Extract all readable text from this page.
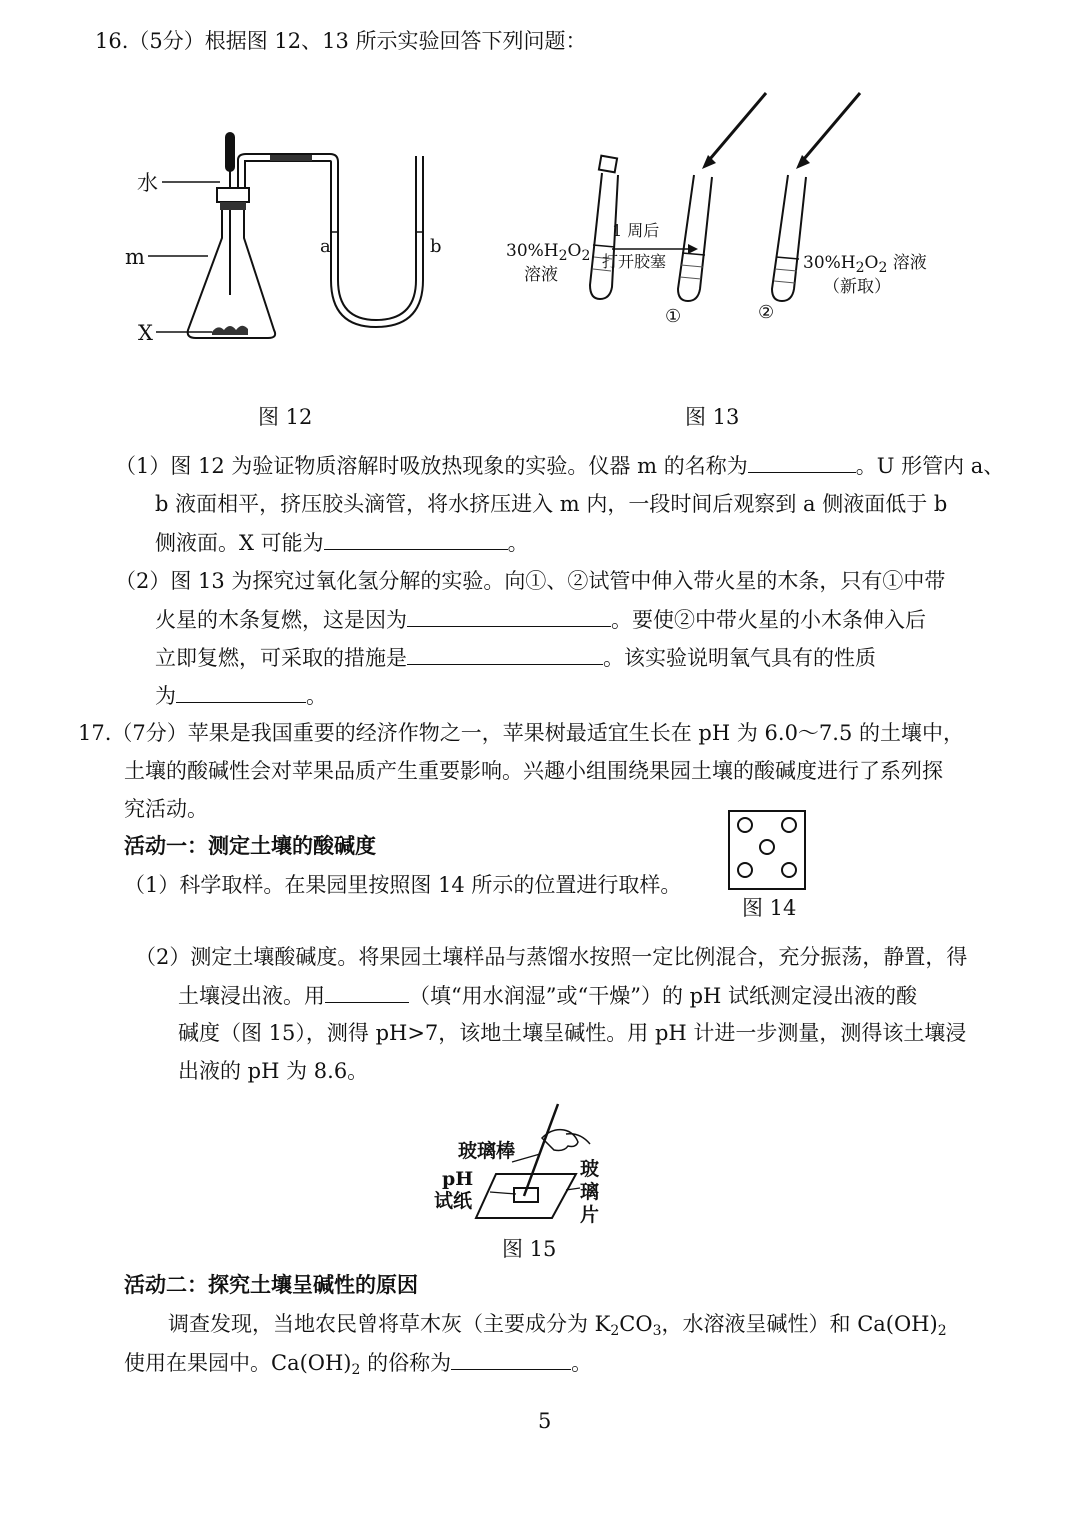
16.（5分）根据图 12、13 所示实验回答下列问题：
水
m
X
a	b
图 12
$30\%H_2O_2$
溶液
1 周后
打开胶塞	$30\%H_2O_2$ 溶液
（新取）
①	②
图 13
（1）图 12 为验证物质溶解时吸放热现象的实验。仪器 m 的名称为	。U 形管内 a、
b 液面相平，挤压胶头滴管，将水挤压进入 m 内，一段时间后观察到 a 侧液面低于 b
侧液面。X 可能为	。
（2）图 13 为探究过氧化氢分解的实验。向①、②试管中伸入带火星的木条，只有①中带
火星的木条复燃，这是因为	。要使②中带火星的小木条伸入后
立即复燃，可采取的措施是	。该实验说明氧气具有的性质
为	。
17.（7分）苹果是我国重要的经济作物之一，苹果树最适宜生长在 pH 为 6.0～7.5 的土壤中，
土壤的酸碱性会对苹果品质产生重要影响。兴趣小组围绕果园土壤的酸碱度进行了系列探
究活动。
活动一：测定土壤的酸碱度
（1）科学取样。在果园里按照图 14 所示的位置进行取样。
图 14
（2）测定土壤酸碱度。将果园土壤样品与蒸馏水按照一定比例混合，充分振荡，静置，得
土壤浸出液。用	（填“用水润湿”或“干燥”）的 pH 试纸测定浸出液的酸
碱度（图 15），测得 pH>7，该地土壤呈碱性。用 pH 计进一步测量，测得该土壤浸
出液的 pH 为 8.6。
玻璃棒
pH
试纸
玻
璃
片
图 15
活动二：探究土壤呈碱性的原因
调查发现，当地农民曾将草木灰（主要成分为 $K_2CO_3$，水溶液呈碱性）和 $Ca(OH)_2$
使用在果园中。$Ca(OH)_2$ 的俗称为	。
5
